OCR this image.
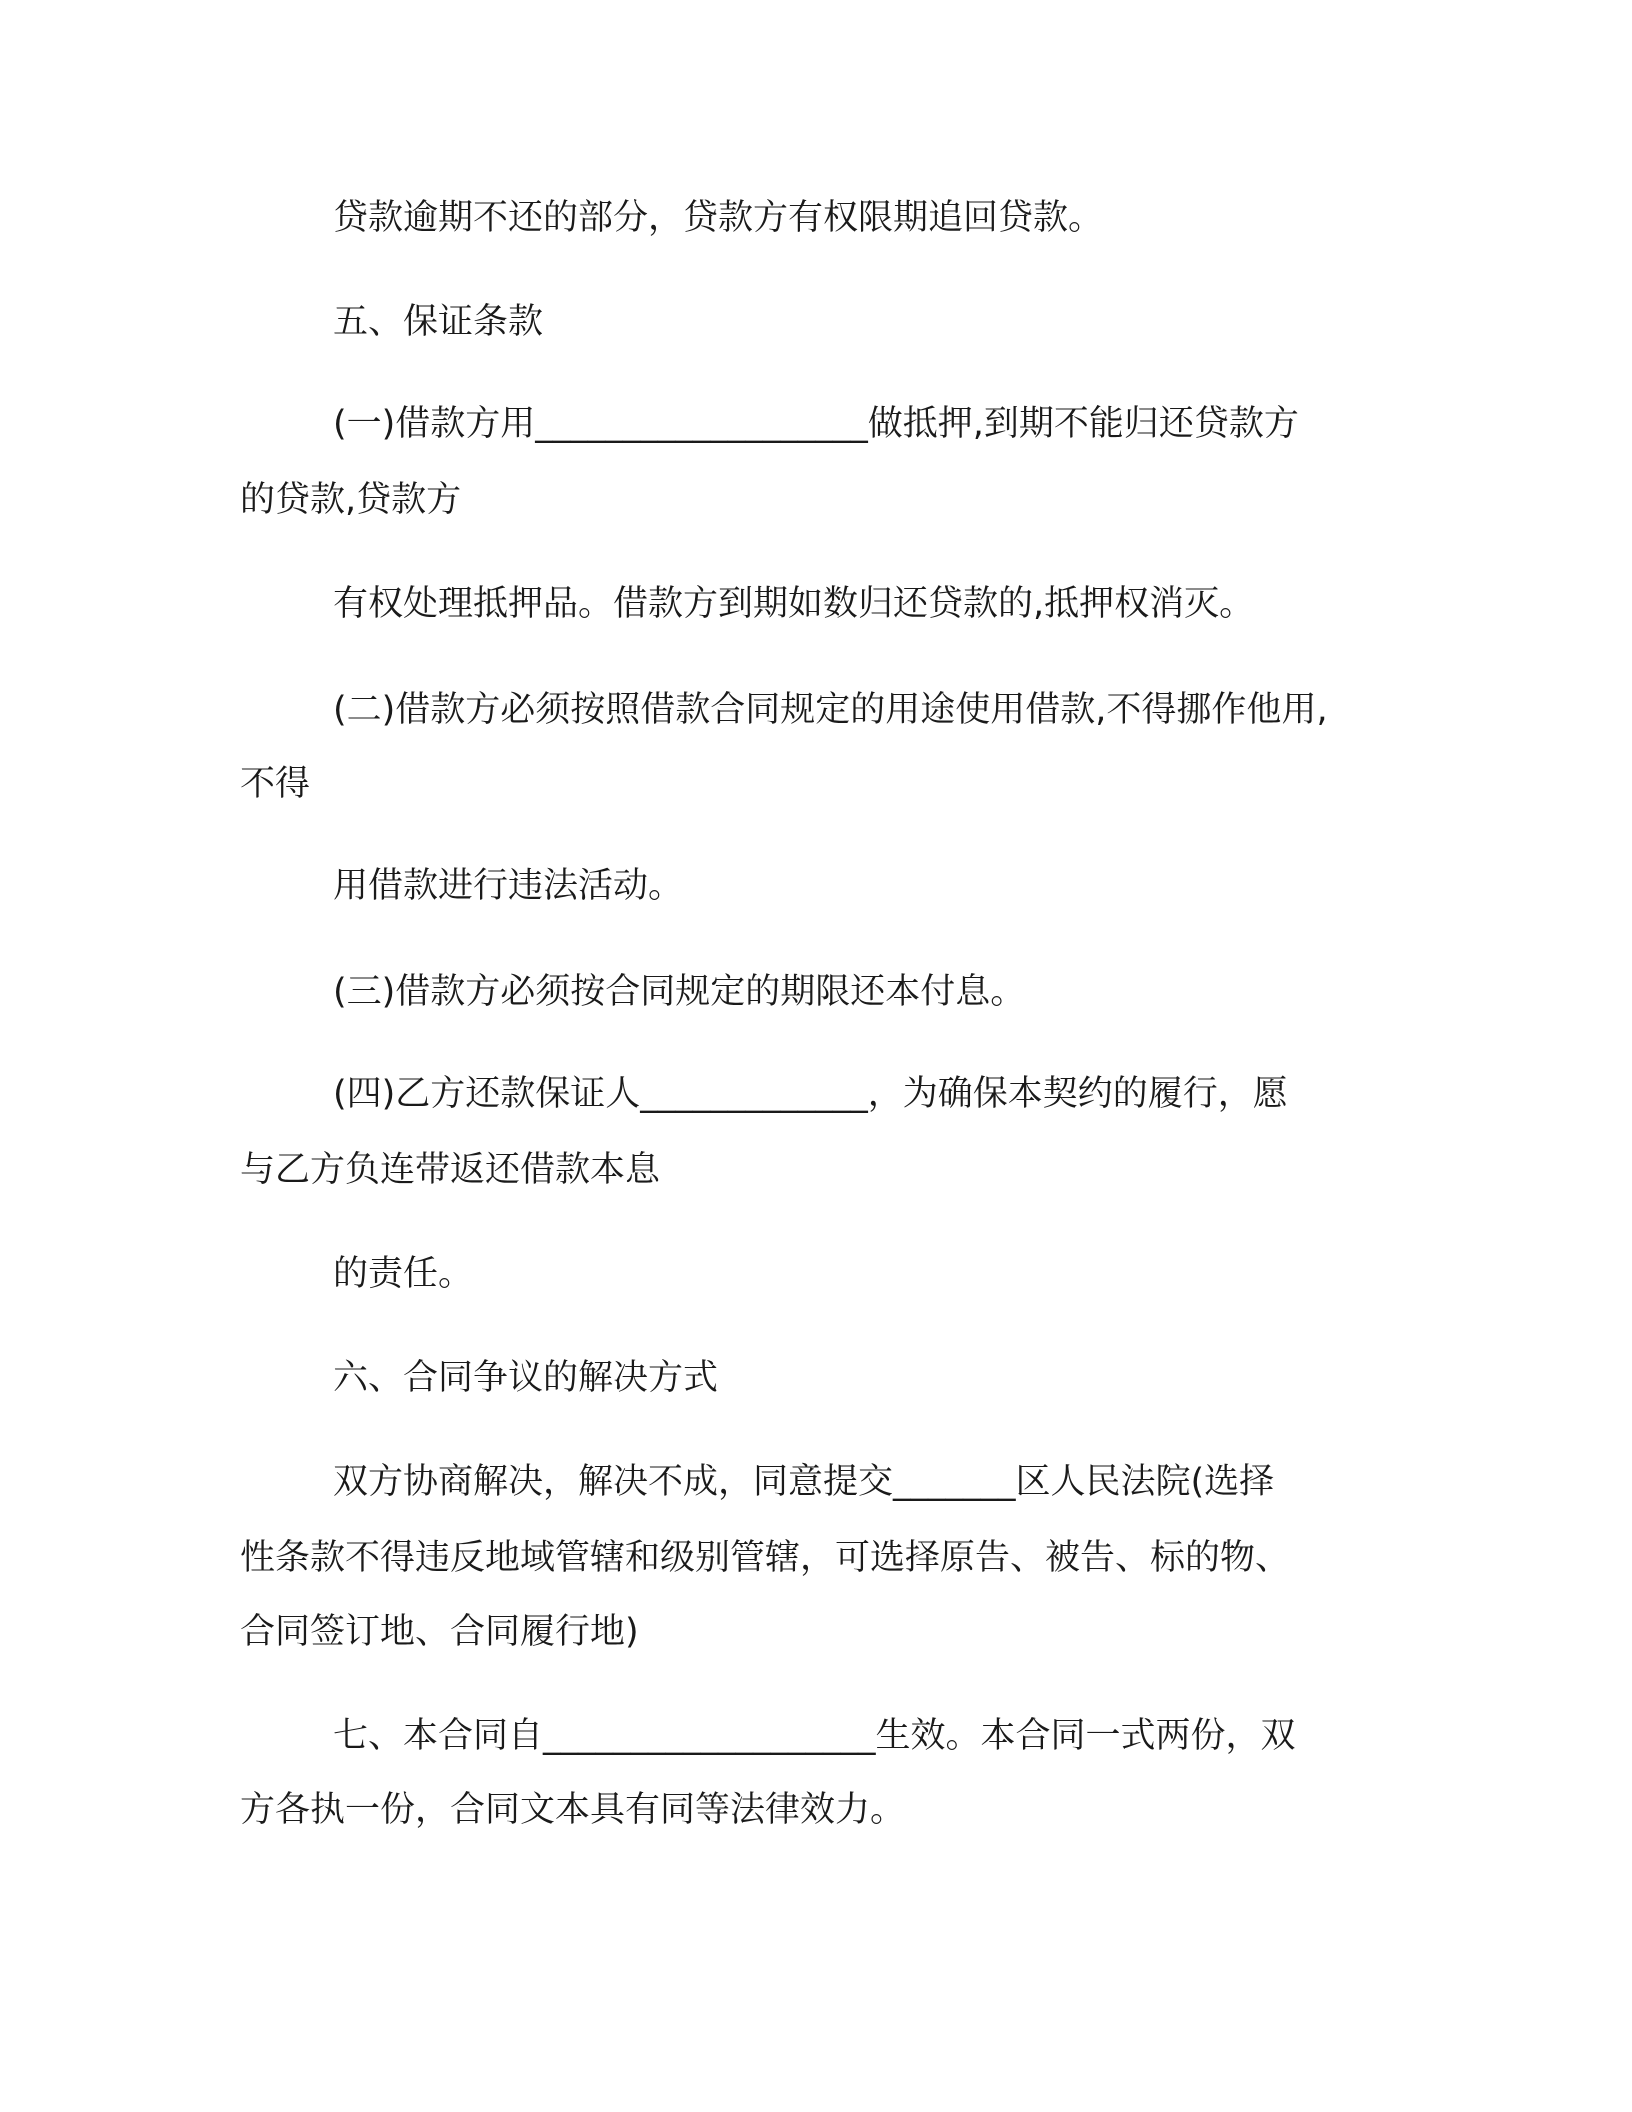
贷款逾期不还的部分，贷款方有权限期追回贷款。

五、保证条款

(一)借款方用___________________做抵押,到期不能归还贷款方

的贷款,贷款方

有权处理抵押品。借款方到期如数归还贷款的,抵押权消灭。

(二)借款方必须按照借款合同规定的用途使用借款,不得挪作他用,

不得

用借款进行违法活动。

(三)借款方必须按合同规定的期限还本付息。

(四)乙方还款保证人_____________，为确保本契约的履行，愿

与乙方负连带返还借款本息

的责任。

六、合同争议的解决方式

双方协商解决，解决不成，同意提交_______区人民法院(选择

性条款不得违反地域管辖和级别管辖，可选择原告、被告、标的物、

合同签订地、合同履行地)

七、本合同自___________________生效。本合同一式两份，双

方各执一份，合同文本具有同等法律效力。
